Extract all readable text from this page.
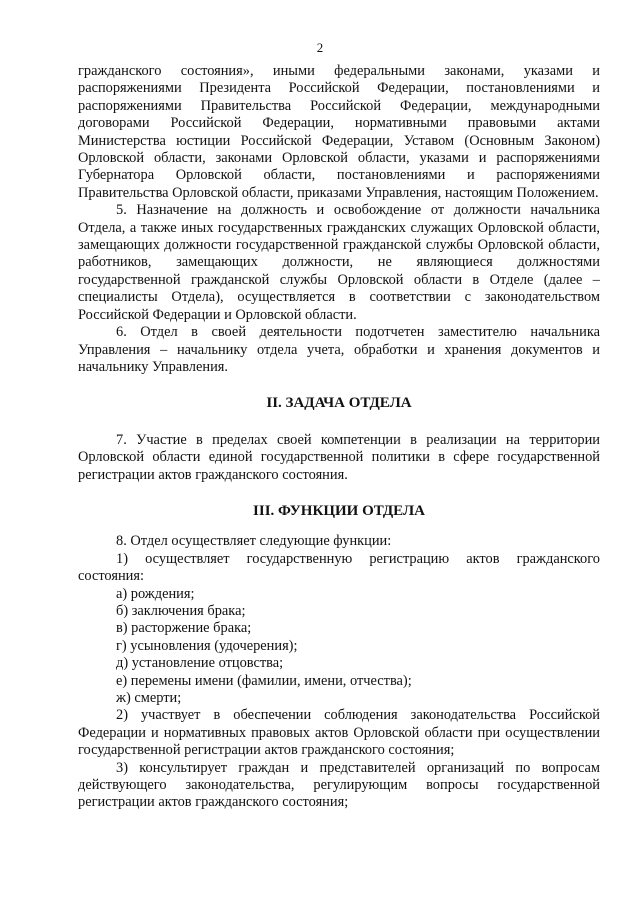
2

гражданского состояния», иными федеральными законами, указами и распоряжениями Президента Российской Федерации, постановлениями и распоряжениями Правительства Российской Федерации, международными договорами Российской Федерации, нормативными правовыми актами Министерства юстиции Российской Федерации, Уставом (Основным Законом) Орловской области, законами Орловской области, указами и распоряжениями Губернатора Орловской области, постановлениями и распоряжениями Правительства Орловской области, приказами Управления, настоящим Положением.

5. Назначение на должность и освобождение от должности начальника Отдела, а также иных государственных гражданских служащих Орловской области, замещающих должности государственной гражданской службы Орловской области, работников, замещающих должности, не являющиеся должностями государственной гражданской службы Орловской области в Отделе (далее – специалисты Отдела), осуществляется в соответствии с законодательством Российской Федерации и Орловской области.

6. Отдел в своей деятельности подотчетен заместителю начальника Управления – начальнику отдела учета, обработки и хранения документов и начальнику Управления.

II. ЗАДАЧА ОТДЕЛА

7. Участие в пределах своей компетенции в реализации на территории Орловской области единой государственной политики в сфере государственной регистрации актов гражданского состояния.

III. ФУНКЦИИ ОТДЕЛА

8. Отдел осуществляет следующие функции:

1) осуществляет государственную регистрацию актов гражданского состояния:

а) рождения;

б) заключения брака;

в) расторжение брака;

г) усыновления (удочерения);

д) установление отцовства;

е) перемены имени (фамилии, имени, отчества);

ж) смерти;

2) участвует в обеспечении соблюдения законодательства Российской Федерации и нормативных правовых актов Орловской области при осуществлении государственной регистрации актов гражданского состояния;

3) консультирует граждан и представителей организаций по вопросам действующего законодательства, регулирующим вопросы государственной регистрации актов гражданского состояния;
